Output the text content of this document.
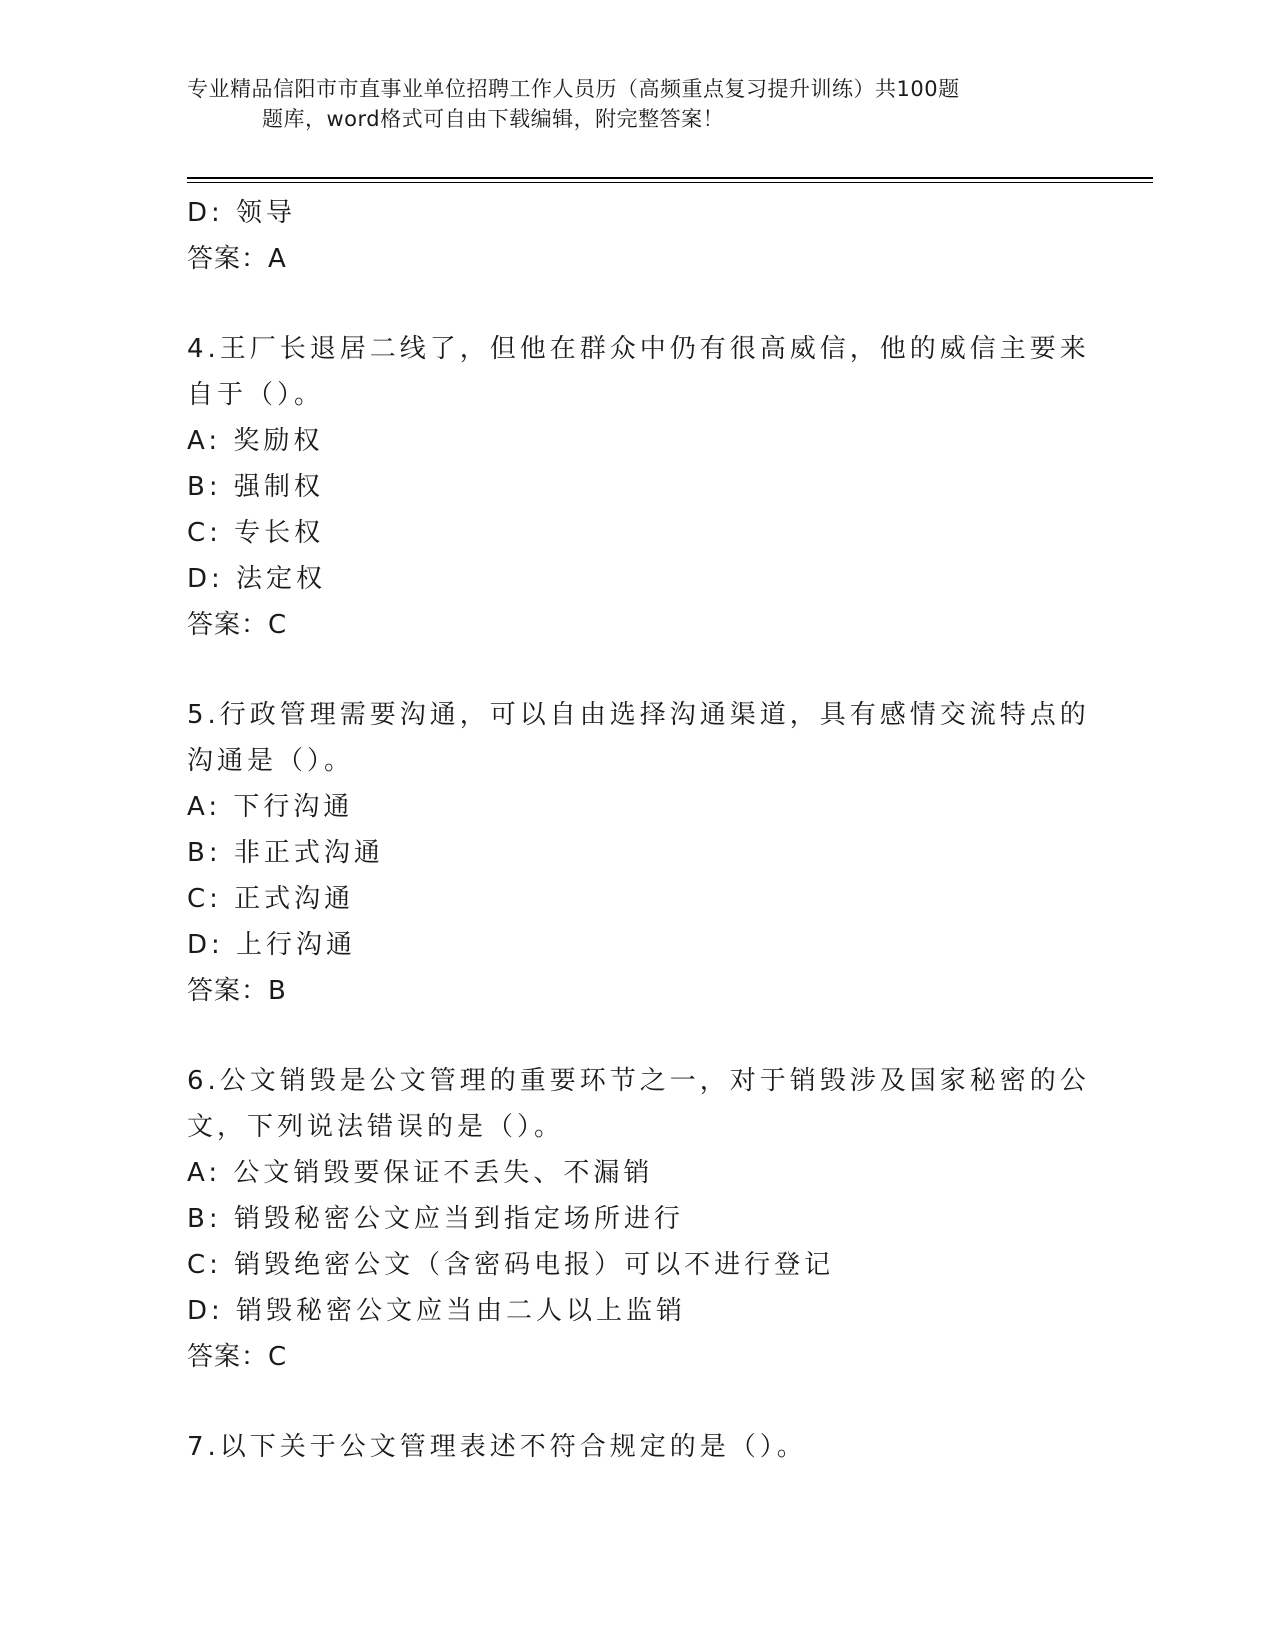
专业精品信阳市市直事业单位招聘工作人员历（高频重点复习提升训练）共100题
题库，word格式可自由下载编辑，附完整答案！
D: 领导
答案：A
4.王厂长退居二线了，但他在群众中仍有很高威信，他的威信主要来
自于（）。
A: 奖励权
B: 强制权
C: 专长权
D: 法定权
答案：C
5.行政管理需要沟通，可以自由选择沟通渠道，具有感情交流特点的
沟通是（）。
A: 下行沟通
B: 非正式沟通
C: 正式沟通
D: 上行沟通
答案：B
6.公文销毁是公文管理的重要环节之一，对于销毁涉及国家秘密的公
文，下列说法错误的是（）。
A: 公文销毁要保证不丢失、不漏销
B: 销毁秘密公文应当到指定场所进行
C: 销毁绝密公文（含密码电报）可以不进行登记
D: 销毁秘密公文应当由二人以上监销
答案：C
7.以下关于公文管理表述不符合规定的是（）。
